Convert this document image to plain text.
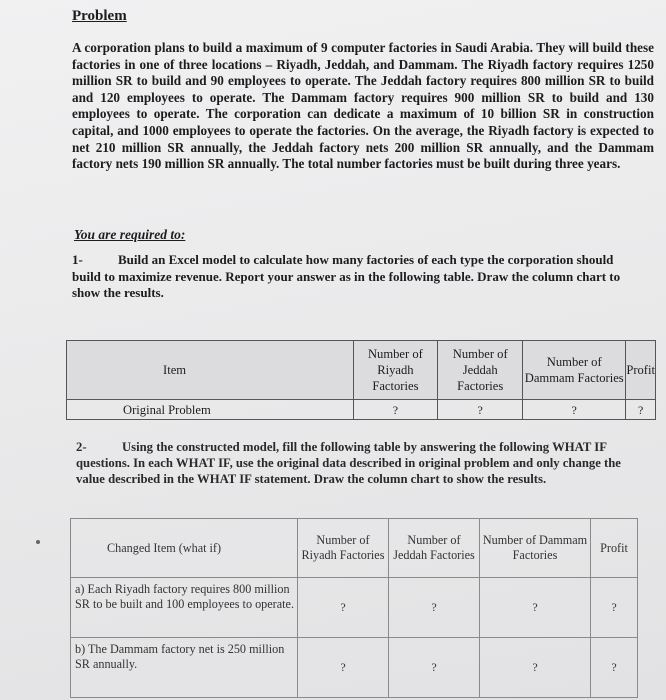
Problem
A corporation plans to build a maximum of 9 computer factories in Saudi Arabia. They will build these factories in one of three locations – Riyadh, Jeddah, and Dammam. The Riyadh factory requires 1250 million SR to build and 90 employees to operate. The Jeddah factory requires 800 million SR to build and 120 employees to operate. The Dammam factory requires 900 million SR to build and 130 employees to operate. The corporation can dedicate a maximum of 10 billion SR in construction capital, and 1000 employees to operate the factories. On the average, the Riyadh factory is expected to net 210 million SR annually, the Jeddah factory nets 200 million SR annually, and the Dammam factory nets 190 million SR annually. The total number factories must be built during three years.
You are required to:
1-	Build an Excel model to calculate how many factories of each type the corporation should build to maximize revenue. Report your answer as in the following table. Draw the column chart to show the results.
Item	Number of Riyadh Factories	Number of Jeddah Factories	Number of Dammam Factories	Profit
Original Problem	?	?	?	?
2-	Using the constructed model, fill the following table by answering the following WHAT IF questions. In each WHAT IF, use the original data described in original problem and only change the value described in the WHAT IF statement. Draw the column chart to show the results.
Changed Item (what if)	Number of Riyadh Factories	Number of Jeddah Factories	Number of Dammam Factories	Profit
a) Each Riyadh factory requires 800 million SR to be built and 100 employees to operate.	?	?	?	?
b) The Dammam factory net is 250 million SR annually.	?	?	?	?
